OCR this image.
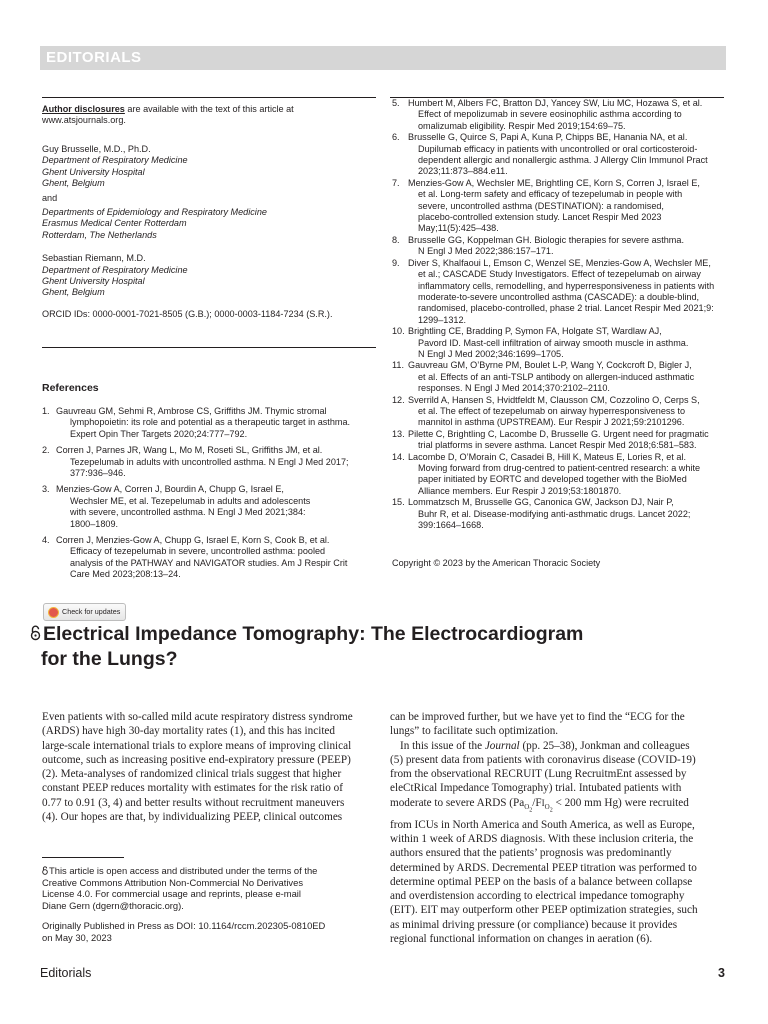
EDITORIALS
Author disclosures are available with the text of this article at
www.atsjournals.org.
Guy Brusselle, M.D., Ph.D.
Department of Respiratory Medicine
Ghent University Hospital
Ghent, Belgium
and
Departments of Epidemiology and Respiratory Medicine
Erasmus Medical Center Rotterdam
Rotterdam, The Netherlands
Sebastian Riemann, M.D.
Department of Respiratory Medicine
Ghent University Hospital
Ghent, Belgium
ORCID IDs: 0000-0001-7021-8505 (G.B.); 0000-0003-1184-7234 (S.R.).
References
1. Gauvreau GM, Sehmi R, Ambrose CS, Griffiths JM. Thymic stromal
lymphopoietin: its role and potential as a therapeutic target in asthma.
Expert Opin Ther Targets 2020;24:777–792.
2. Corren J, Parnes JR, Wang L, Mo M, Roseti SL, Griffiths JM, et al.
Tezepelumab in adults with uncontrolled asthma. N Engl J Med 2017;
377:936–946.
3. Menzies-Gow A, Corren J, Bourdin A, Chupp G, Israel E,
Wechsler ME, et al. Tezepelumab in adults and adolescents
with severe, uncontrolled asthma. N Engl J Med 2021;384:
1800–1809.
4. Corren J, Menzies-Gow A, Chupp G, Israel E, Korn S, Cook B, et al.
Efficacy of tezepelumab in severe, uncontrolled asthma: pooled
analysis of the PATHWAY and NAVIGATOR studies. Am J Respir Crit
Care Med 2023;208:13–24.
5. Humbert M, Albers FC, Bratton DJ, Yancey SW, Liu MC, Hozawa S, et al.
Effect of mepolizumab in severe eosinophilic asthma according to
omalizumab eligibility. Respir Med 2019;154:69–75.
6. Brusselle G, Quirce S, Papi A, Kuna P, Chipps BE, Hanania NA, et al.
Dupilumab efficacy in patients with uncontrolled or oral corticosteroid-
dependent allergic and nonallergic asthma. J Allergy Clin Immunol Pract
2023;11:873–884.e11.
7. Menzies-Gow A, Wechsler ME, Brightling CE, Korn S, Corren J, Israel E,
et al. Long-term safety and efficacy of tezepelumab in people with
severe, uncontrolled asthma (DESTINATION): a randomised,
placebo-controlled extension study. Lancet Respir Med 2023
May;11(5):425–438.
8. Brusselle GG, Koppelman GH. Biologic therapies for severe asthma.
N Engl J Med 2022;386:157–171.
9. Diver S, Khalfaoui L, Emson C, Wenzel SE, Menzies-Gow A, Wechsler ME,
et al.; CASCADE Study Investigators. Effect of tezepelumab on airway
inflammatory cells, remodelling, and hyperresponsiveness in patients with
moderate-to-severe uncontrolled asthma (CASCADE): a double-blind,
randomised, placebo-controlled, phase 2 trial. Lancet Respir Med 2021;9:
1299–1312.
10. Brightling CE, Bradding P, Symon FA, Holgate ST, Wardlaw AJ,
Pavord ID. Mast-cell infiltration of airway smooth muscle in asthma.
N Engl J Med 2002;346:1699–1705.
11. Gauvreau GM, O’Byrne PM, Boulet L-P, Wang Y, Cockcroft D, Bigler J,
et al. Effects of an anti-TSLP antibody on allergen-induced asthmatic
responses. N Engl J Med 2014;370:2102–2110.
12. Sverrild A, Hansen S, Hvidtfeldt M, Clausson CM, Cozzolino O, Cerps S,
et al. The effect of tezepelumab on airway hyperresponsiveness to
mannitol in asthma (UPSTREAM). Eur Respir J 2021;59:2101296.
13. Pilette C, Brightling C, Lacombe D, Brusselle G. Urgent need for pragmatic
trial platforms in severe asthma. Lancet Respir Med 2018;6:581–583.
14. Lacombe D, O’Morain C, Casadei B, Hill K, Mateus E, Lories R, et al.
Moving forward from drug-centred to patient-centred research: a white
paper initiated by EORTC and developed together with the BioMed
Alliance members. Eur Respir J 2019;53:1801870.
15. Lommatzsch M, Brusselle GG, Canonica GW, Jackson DJ, Nair P,
Buhr R, et al. Disease-modifying anti-asthmatic drugs. Lancet 2022;
399:1664–1668.
Copyright © 2023 by the American Thoracic Society
Check for updates
Electrical Impedance Tomography: The Electrocardiogram
for the Lungs?
Even patients with so-called mild acute respiratory distress syndrome
(ARDS) have high 30-day mortality rates (1), and this has incited
large-scale international trials to explore means of improving clinical
outcome, such as increasing positive end-expiratory pressure (PEEP)
(2). Meta-analyses of randomized clinical trials suggest that higher
constant PEEP reduces mortality with estimates for the risk ratio of
0.77 to 0.91 (3, 4) and better results without recruitment maneuvers
(4). Our hopes are that, by individualizing PEEP, clinical outcomes
This article is open access and distributed under the terms of the
Creative Commons Attribution Non-Commercial No Derivatives
License 4.0. For commercial usage and reprints, please e-mail
Diane Gern (dgern@thoracic.org).
Originally Published in Press as DOI: 10.1164/rccm.202305-0810ED
on May 30, 2023
can be improved further, but we have yet to find the “ECG for the
lungs” to facilitate such optimization.
In this issue of the Journal (pp. 25–38), Jonkman and colleagues
(5) present data from patients with coronavirus disease (COVID-19)
from the observational RECRUIT (Lung RecruitmEnt assessed by
eleCtRical Impedance Tomography) trial. Intubated patients with
moderate to severe ARDS ($Pa_{O_2}/FI_{O_2} < 200$ mm Hg) were recruited
from ICUs in North America and South America, as well as Europe,
within 1 week of ARDS diagnosis. With these inclusion criteria, the
authors ensured that the patients’ prognosis was predominantly
determined by ARDS. Decremental PEEP titration was performed to
determine optimal PEEP on the basis of a balance between collapse
and overdistension according to electrical impedance tomography
(EIT). EIT may outperform other PEEP optimization strategies, such
as minimal driving pressure (or compliance) because it provides
regional functional information on changes in aeration (6).
Editorials	3
